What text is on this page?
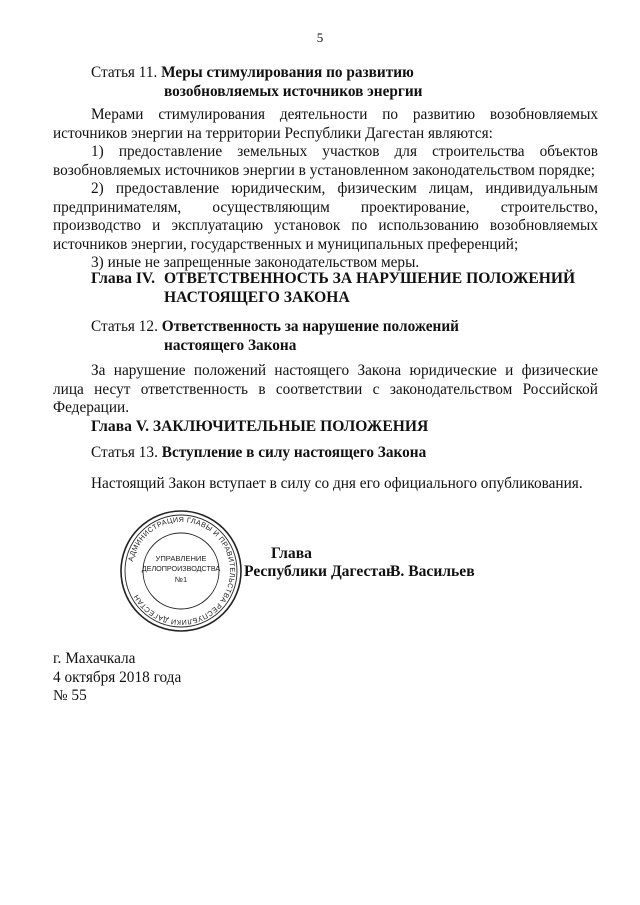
5
Статья 11.
Меры стимулирования по развитию
возобновляемых источников энергии

Мерами стимулирования деятельности по развитию возобновляемых источников энергии на территории Республики Дагестан являются:

1) предоставление земельных участков для строительства объектов возобновляемых источников энергии в установленном законодательством порядке;

2) предоставление юридическим, физическим лицам, индивидуальным предпринимателям, осуществляющим проектирование, строительство, производство и эксплуатацию установок по использованию возобновляемых источников энергии, государственных и муниципальных преференций;

3) иные не запрещенные законодательством меры.

Глава IV. ОТВЕТСТВЕННОСТЬ ЗА НАРУШЕНИЕ ПОЛОЖЕНИЙ
НАСТОЯЩЕГО ЗАКОНА
Статья 12.
Ответственность за нарушение положений
настоящего Закона

За нарушение положений настоящего Закона юридические и физические лица несут ответственность в соответствии с законодательством Российской Федерации.

Глава V. ЗАКЛЮЧИТЕЛЬНЫЕ ПОЛОЖЕНИЯ
Статья 13. Вступление в силу настоящего Закона

Настоящий Закон вступает в силу со дня его официального опубликования.

АДМИНИСТРАЦИЯ ГЛАВЫ И ПРАВИТЕЛЬСТВА РЕСПУБЛИКИ ДАГЕСТАН
УПРАВЛЕНИЕ
ДЕЛОПРОИЗВОДСТВА
№1
Глава
Республики Дагестан
В. Васильев
г. Махачкала
4 октября 2018 года
№ 55
